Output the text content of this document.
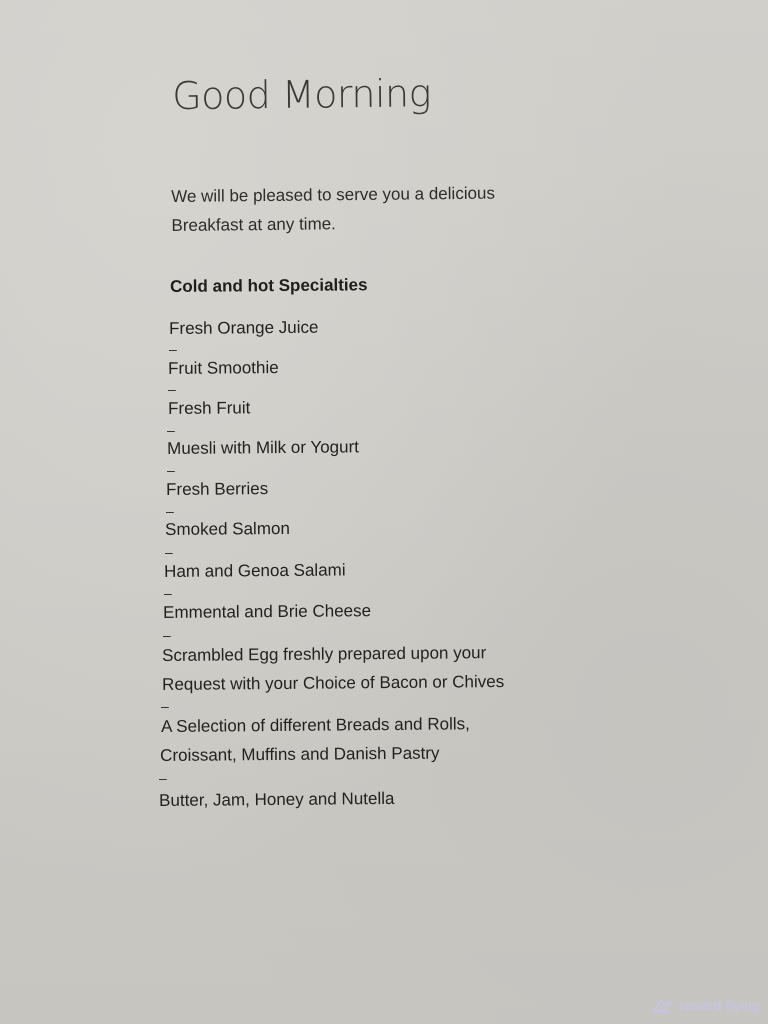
Good Morning
We will be pleased to serve you a delicious
Breakfast at any time.
Cold and hot Specialties
Fresh Orange Juice
–
Fruit Smoothie
–
Fresh Fruit
–
Muesli with Milk or Yogurt
–
Fresh Berries
–
Smoked Salmon
–
Ham and Genoa Salami
–
Emmental and Brie Cheese
–
Scrambled Egg freshly prepared upon your
Request with your Choice of Bacon or Chives
–
A Selection of different Breads and Rolls,
Croissant, Muffins and Danish Pastry
–
Butter, Jam, Honey and Nutella
reward flying
